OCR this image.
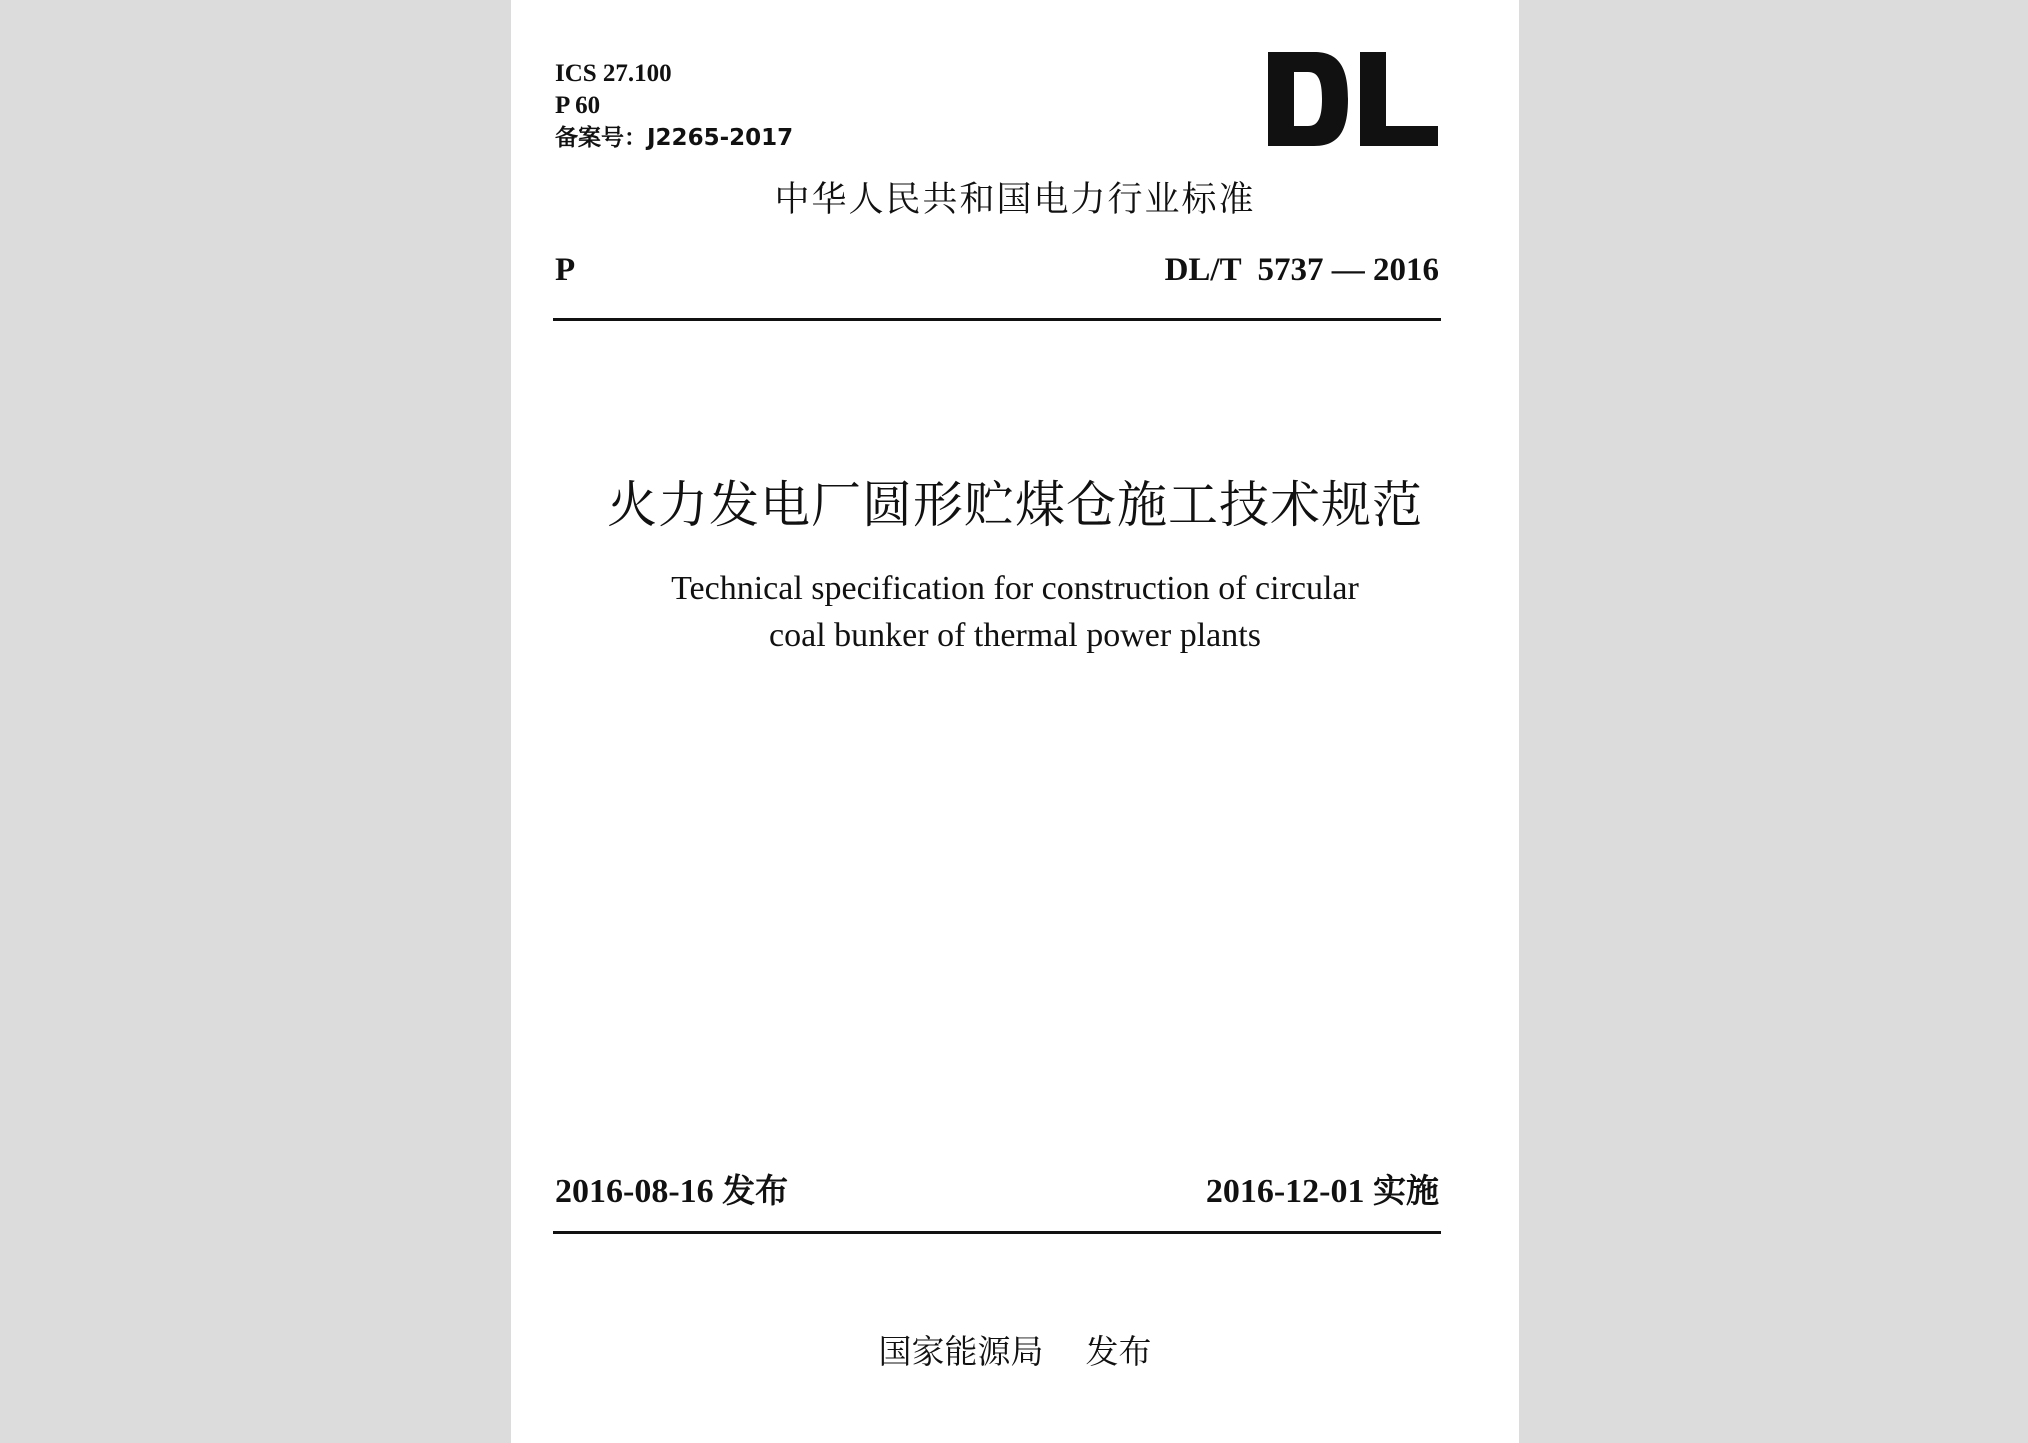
ICS 27.100
P 60
备案号：J2265-2017
中华人民共和国电力行业标准
P	DL/T  5737 — 2016
火力发电厂圆形贮煤仓施工技术规范
Technical specification for construction of circular
coal bunker of thermal power plants
2016-08-16 发布	2016-12-01 实施
国家能源局 发布
